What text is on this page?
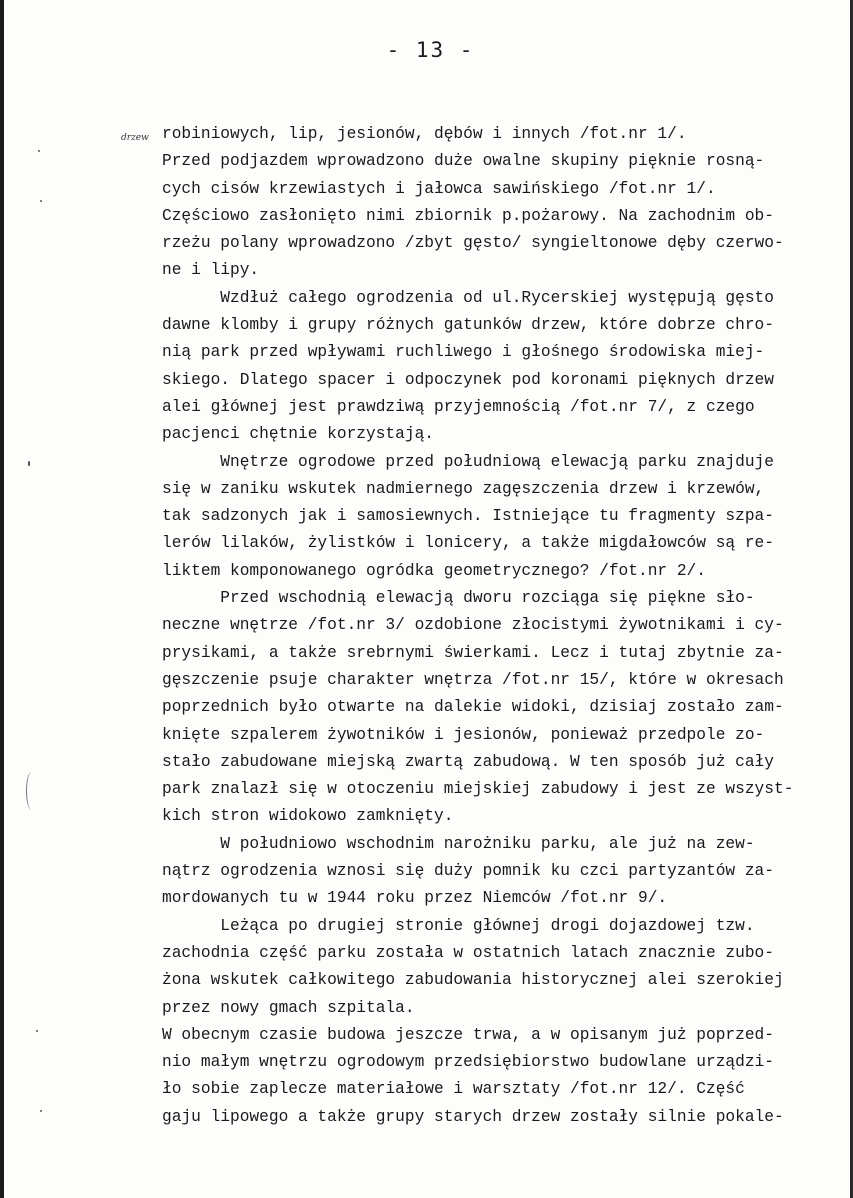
- 13 -
drzew robiniowych, lip, jesionów, dębów i innych /fot.nr 1/.
Przed podjazdem wprowadzono duże owalne skupiny pięknie rosną-
cych cisów krzewiastych i jałowca sawińskiego /fot.nr 1/.
Częściowo zasłonięto nimi zbiornik p.pożarowy. Na zachodnim ob-
rzeżu polany wprowadzono /zbyt gęsto/ syngieltonowe dęby czerwo-
ne i lipy.
Wzdłuż całego ogrodzenia od ul.Rycerskiej występują gęsto
dawne klomby i grupy różnych gatunków drzew, które dobrze chro-
nią park przed wpływami ruchliwego i głośnego środowiska miej-
skiego. Dlatego spacer i odpoczynek pod koronami pięknych drzew
alei głównej jest prawdziwą przyjemnością /fot.nr 7/, z czego
pacjenci chętnie korzystają.
Wnętrze ogrodowe przed południową elewacją parku znajduje
się w zaniku wskutek nadmiernego zagęszczenia drzew i krzewów,
tak sadzonych jak i samosiewnych. Istniejące tu fragmenty szpa-
lerów lilaków, żylistków i lonicery, a także migdałowców są re-
liktem komponowanego ogródka geometrycznego? /fot.nr 2/.
Przed wschodnią elewacją dworu rozciąga się piękne sło-
neczne wnętrze /fot.nr 3/ ozdobione złocistymi żywotnikami i cy-
prysikami, a także srebrnymi świerkami. Lecz i tutaj zbytnie za-
gęszczenie psuje charakter wnętrza /fot.nr 15/, które w okresach
poprzednich było otwarte na dalekie widoki, dzisiaj zostało zam-
knięte szpalerem żywotników i jesionów, ponieważ przedpole zo-
stało zabudowane miejską zwartą zabudową. W ten sposób już cały
park znalazł się w otoczeniu miejskiej zabudowy i jest ze wszyst-
kich stron widokowo zamknięty.
W południowo wschodnim narożniku parku, ale już na zew-
nątrz ogrodzenia wznosi się duży pomnik ku czci partyzantów za-
mordowanych tu w 1944 roku przez Niemców /fot.nr 9/.
Leżąca po drugiej stronie głównej drogi dojazdowej tzw.
zachodnia część parku została w ostatnich latach znacznie zubo-
żona wskutek całkowitego zabudowania historycznej alei szerokiej
przez nowy gmach szpitala.
W obecnym czasie budowa jeszcze trwa, a w opisanym już poprzed-
nio małym wnętrzu ogrodowym przedsiębiorstwo budowlane urządzi-
ło sobie zaplecze materiałowe i warsztaty /fot.nr 12/. Część
gaju lipowego a także grupy starych drzew zostały silnie pokale-
